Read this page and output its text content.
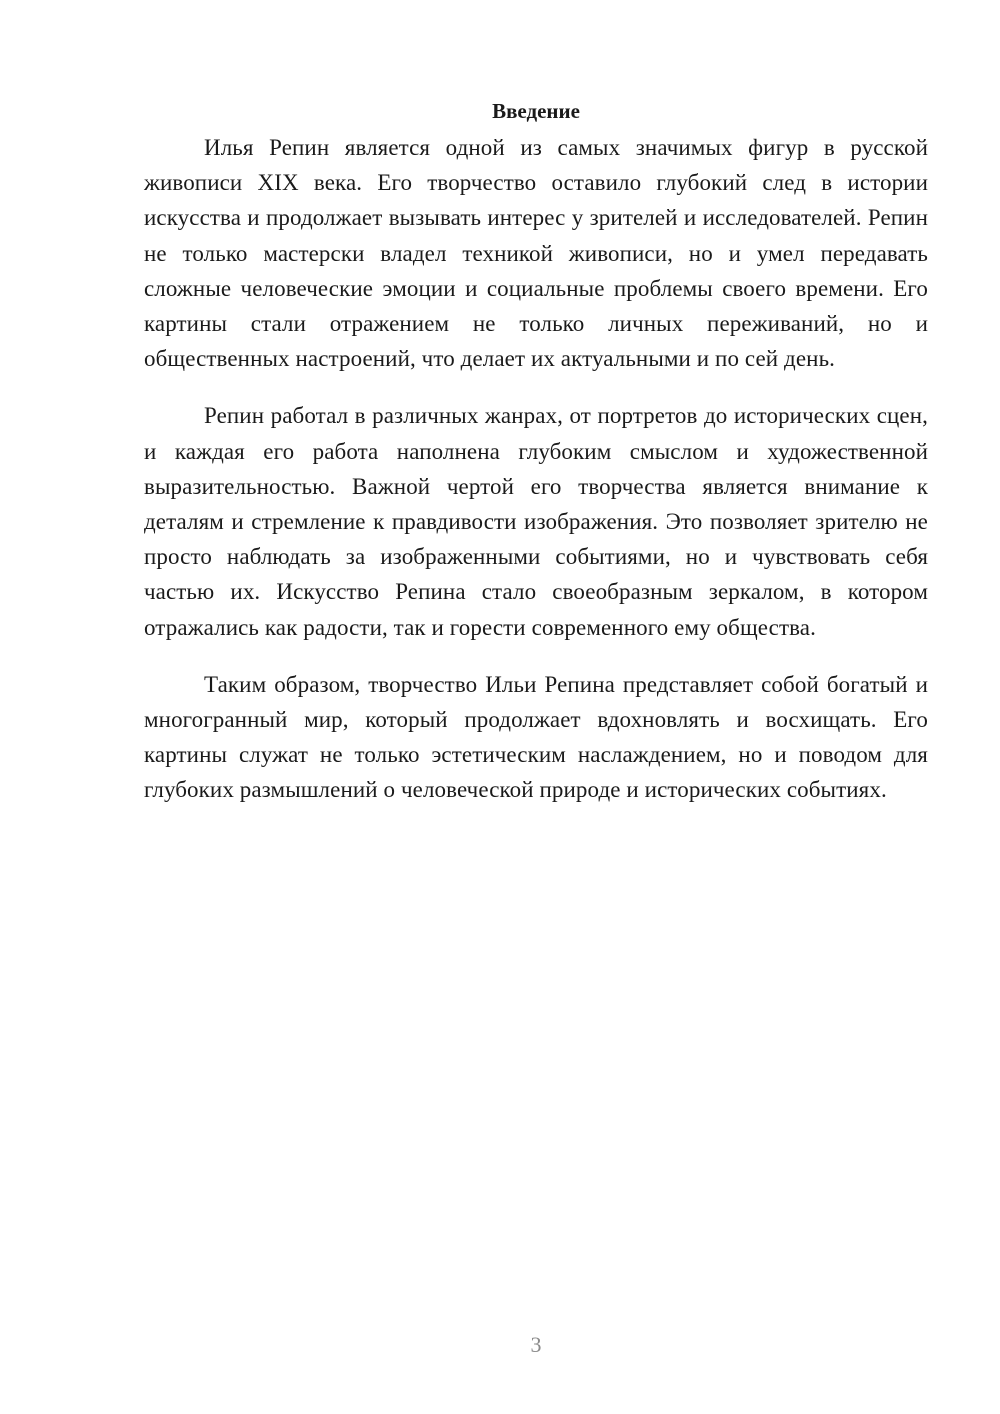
Введение

Илья Репин является одной из самых значимых фигур в русской живописи XIX века. Его творчество оставило глубокий след в истории искусства и продолжает вызывать интерес у зрителей и исследователей. Репин не только мастерски владел техникой живописи, но и умел передавать сложные человеческие эмоции и социальные проблемы своего времени. Его картины стали отражением не только личных переживаний, но и общественных настроений, что делает их актуальными и по сей день.

Репин работал в различных жанрах, от портретов до исторических сцен, и каждая его работа наполнена глубоким смыслом и художественной выразительностью. Важной чертой его творчества является внимание к деталям и стремление к правдивости изображения. Это позволяет зрителю не просто наблюдать за изображенными событиями, но и чувствовать себя частью их. Искусство Репина стало своеобразным зеркалом, в котором отражались как радости, так и горести современного ему общества.

Таким образом, творчество Ильи Репина представляет собой богатый и многогранный мир, который продолжает вдохновлять и восхищать. Его картины служат не только эстетическим наслаждением, но и поводом для глубоких размышлений о человеческой природе и исторических событиях.

3
